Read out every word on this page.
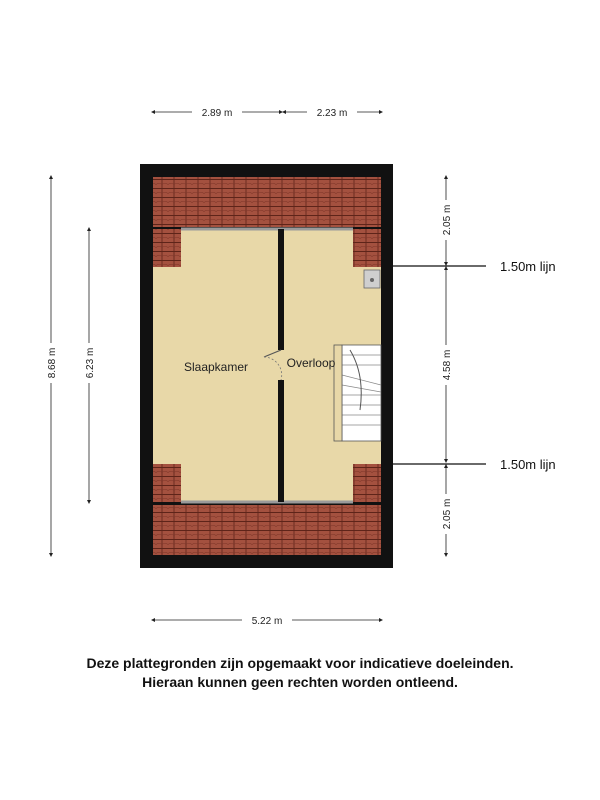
Slaapkamer	Overloop
2.89 m	2.23 m
8.68 m	6.23 m
2.05 m
4.58 m
2.05 m
1.50m lijn
1.50m lijn
5.22 m
Deze plattegronden zijn opgemaakt voor indicatieve doeleinden.
Hieraan kunnen geen rechten worden ontleend.
